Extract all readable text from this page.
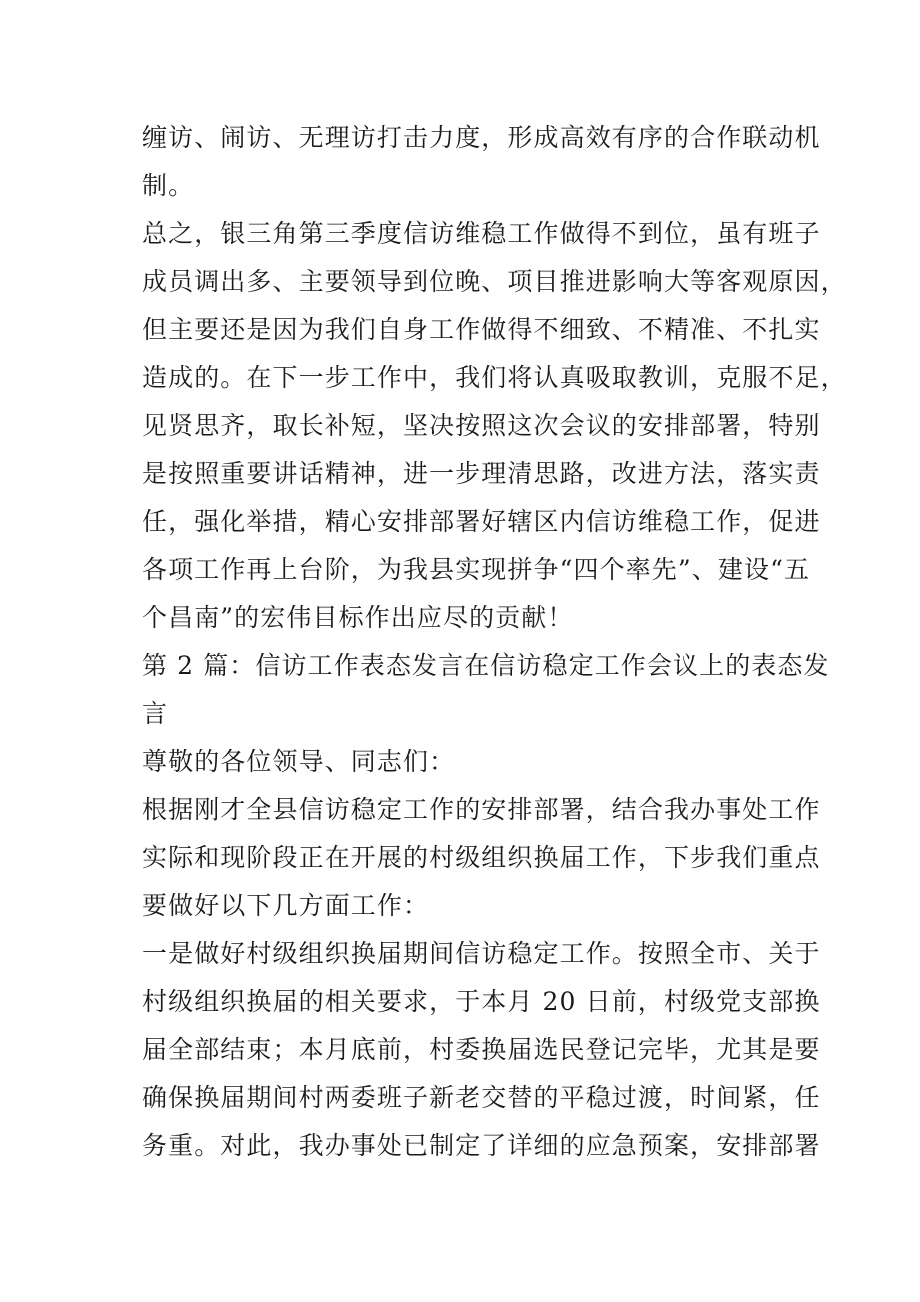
缠访、闹访、无理访打击力度，形成高效有序的合作联动机
制。
总之，银三角第三季度信访维稳工作做得不到位，虽有班子
成员调出多、主要领导到位晚、项目推进影响大等客观原因，
但主要还是因为我们自身工作做得不细致、不精准、不扎实
造成的。在下一步工作中，我们将认真吸取教训，克服不足，
见贤思齐，取长补短，坚决按照这次会议的安排部署，特别
是按照重要讲话精神，进一步理清思路，改进方法，落实责
任，强化举措，精心安排部署好辖区内信访维稳工作，促进
各项工作再上台阶，为我县实现拼争“四个率先”、建设“五
个昌南”的宏伟目标作出应尽的贡献！
第 2 篇：信访工作表态发言在信访稳定工作会议上的表态发
言
尊敬的各位领导、同志们：
根据刚才全县信访稳定工作的安排部署，结合我办事处工作
实际和现阶段正在开展的村级组织换届工作，下步我们重点
要做好以下几方面工作：
一是做好村级组织换届期间信访稳定工作。按照全市、关于
村级组织换届的相关要求，于本月 20 日前，村级党支部换
届全部结束；本月底前，村委换届选民登记完毕，尤其是要
确保换届期间村两委班子新老交替的平稳过渡，时间紧，任
务重。对此，我办事处已制定了详细的应急预案，安排部署
